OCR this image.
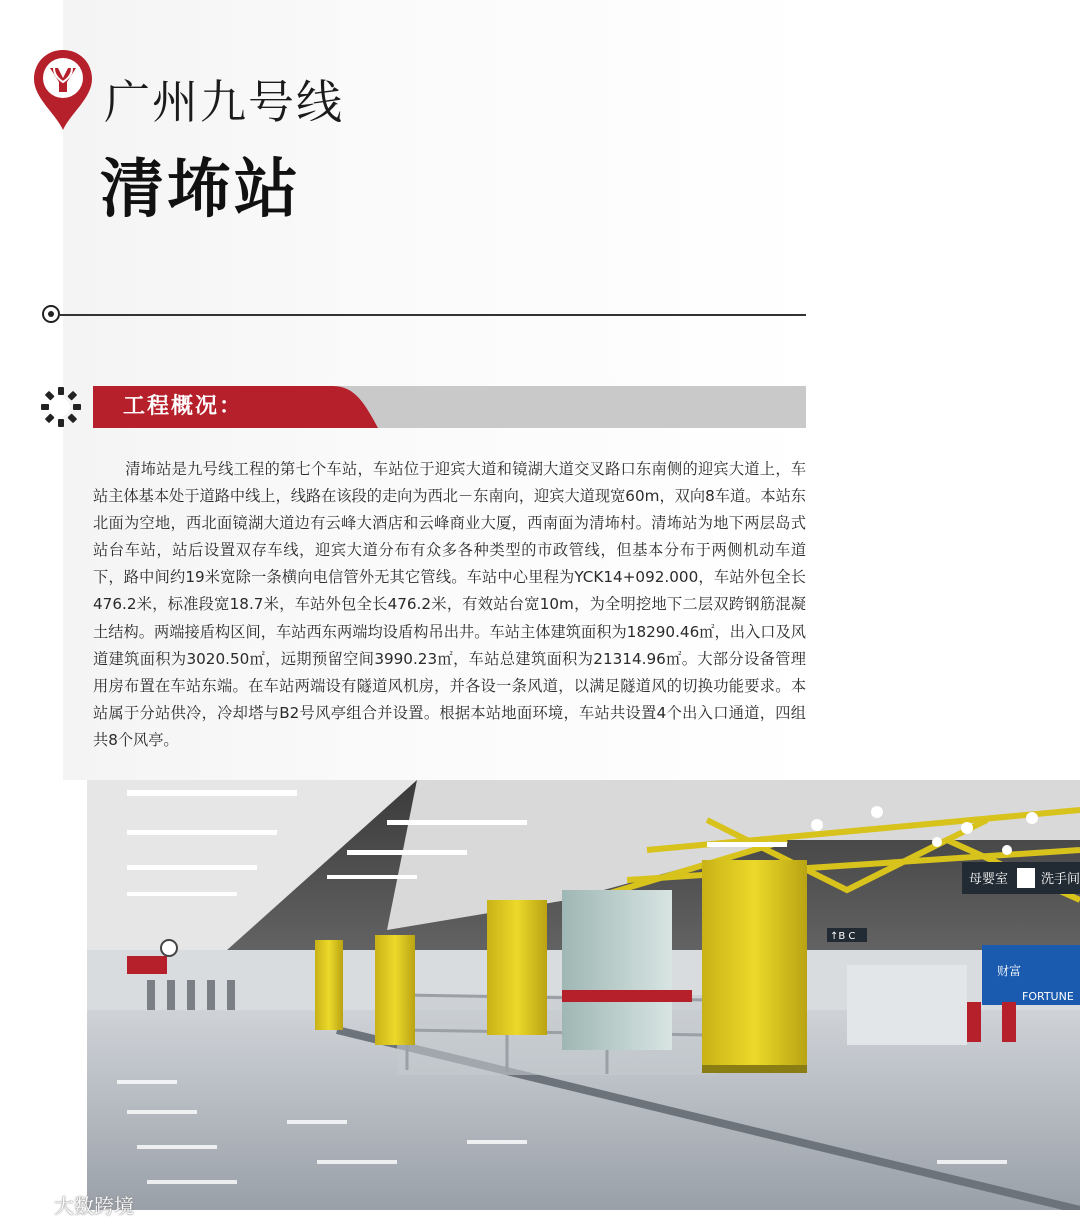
广州九号线
清㘵站
工程概况：
清㘵站是九号线工程的第七个车站，车站位于迎宾大道和镜湖大道交叉路口东南侧的迎宾大道上，车站主体基本处于道路中线上，线路在该段的走向为西北－东南向，迎宾大道现宽60m，双向8车道。本站东北面为空地，西北面镜湖大道边有云峰大酒店和云峰商业大厦，西南面为清㘵村。清㘵站为地下两层岛式站台车站，站后设置双存车线，迎宾大道分布有众多各种类型的市政管线，但基本分布于两侧机动车道下，路中间约19米宽除一条横向电信管外无其它管线。车站中心里程为YCK14+092.000，车站外包全长476.2米，标准段宽18.7米，车站外包全长476.2米，有效站台宽10m，为全明挖地下二层双跨钢筋混凝土结构。两端接盾构区间，车站西东两端均设盾构吊出井。车站主体建筑面积为18290.46㎡，出入口及风道建筑面积为3020.50㎡，远期预留空间3990.23㎡，车站总建筑面积为21314.96㎡。大部分设备管理用房布置在车站东端。在车站两端设有隧道风机房，并各设一条风道，以满足隧道风的切换功能要求。本站属于分站供冷，冷却塔与B2号风亭组合并设置。根据本站地面环境，车站共设置4个出入口通道，四组共8个风亭。
母婴室	洗手间
↑B C
财富
FORTUNE
大数跨境
